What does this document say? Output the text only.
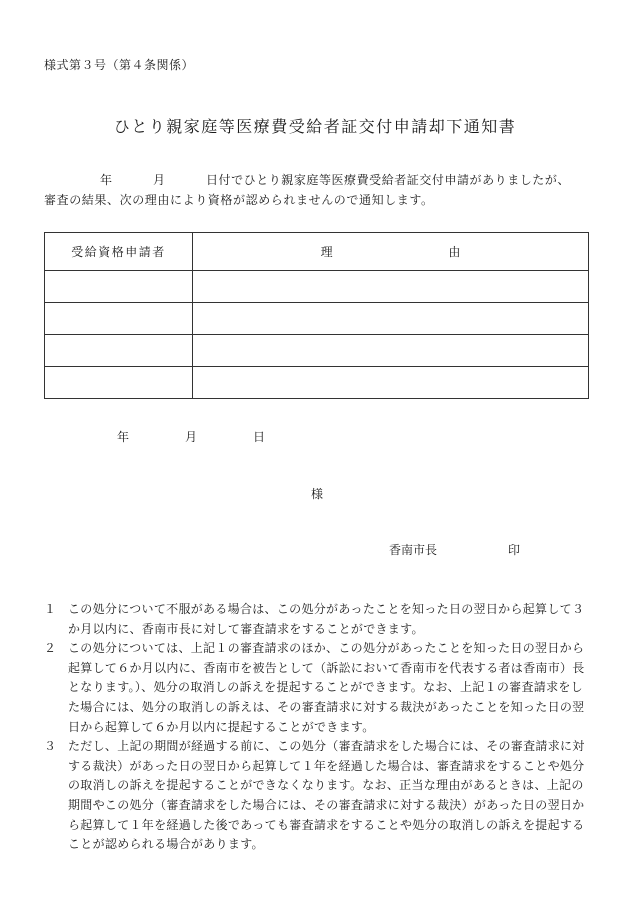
様式第３号（第４条関係）
ひとり親家庭等医療費受給者証交付申請却下通知書
年	月	日付でひとり親家庭等医療費受給者証交付申請がありましたが、
審査の結果、次の理由により資格が認められませんので通知します。
受給資格申請者	理 由

年	月	日
様
香南市長	印
１ この処分について不服がある場合は、この処分があったことを知った日の翌日から起算して３か月以内に、香南市長に対して審査請求をすることができます。
２ この処分については、上記１の審査請求のほか、この処分があったことを知った日の翌日から起算して６か月以内に、香南市を被告として（訴訟において香南市を代表する者は香南市）長となります。）、処分の取消しの訴えを提起することができます。なお、上記１の審査請求をした場合には、処分の取消しの訴えは、その審査請求に対する裁決があったことを知った日の翌日から起算して６か月以内に提起することができます。
３ ただし、上記の期間が経過する前に、この処分（審査請求をした場合には、その審査請求に対する裁決）があった日の翌日から起算して１年を経過した場合は、審査請求をすることや処分の取消しの訴えを提起することができなくなります。なお、正当な理由があるときは、上記の期間やこの処分（審査請求をした場合には、その審査請求に対する裁決）があった日の翌日から起算して１年を経過した後であっても審査請求をすることや処分の取消しの訴えを提起することが認められる場合があります。
